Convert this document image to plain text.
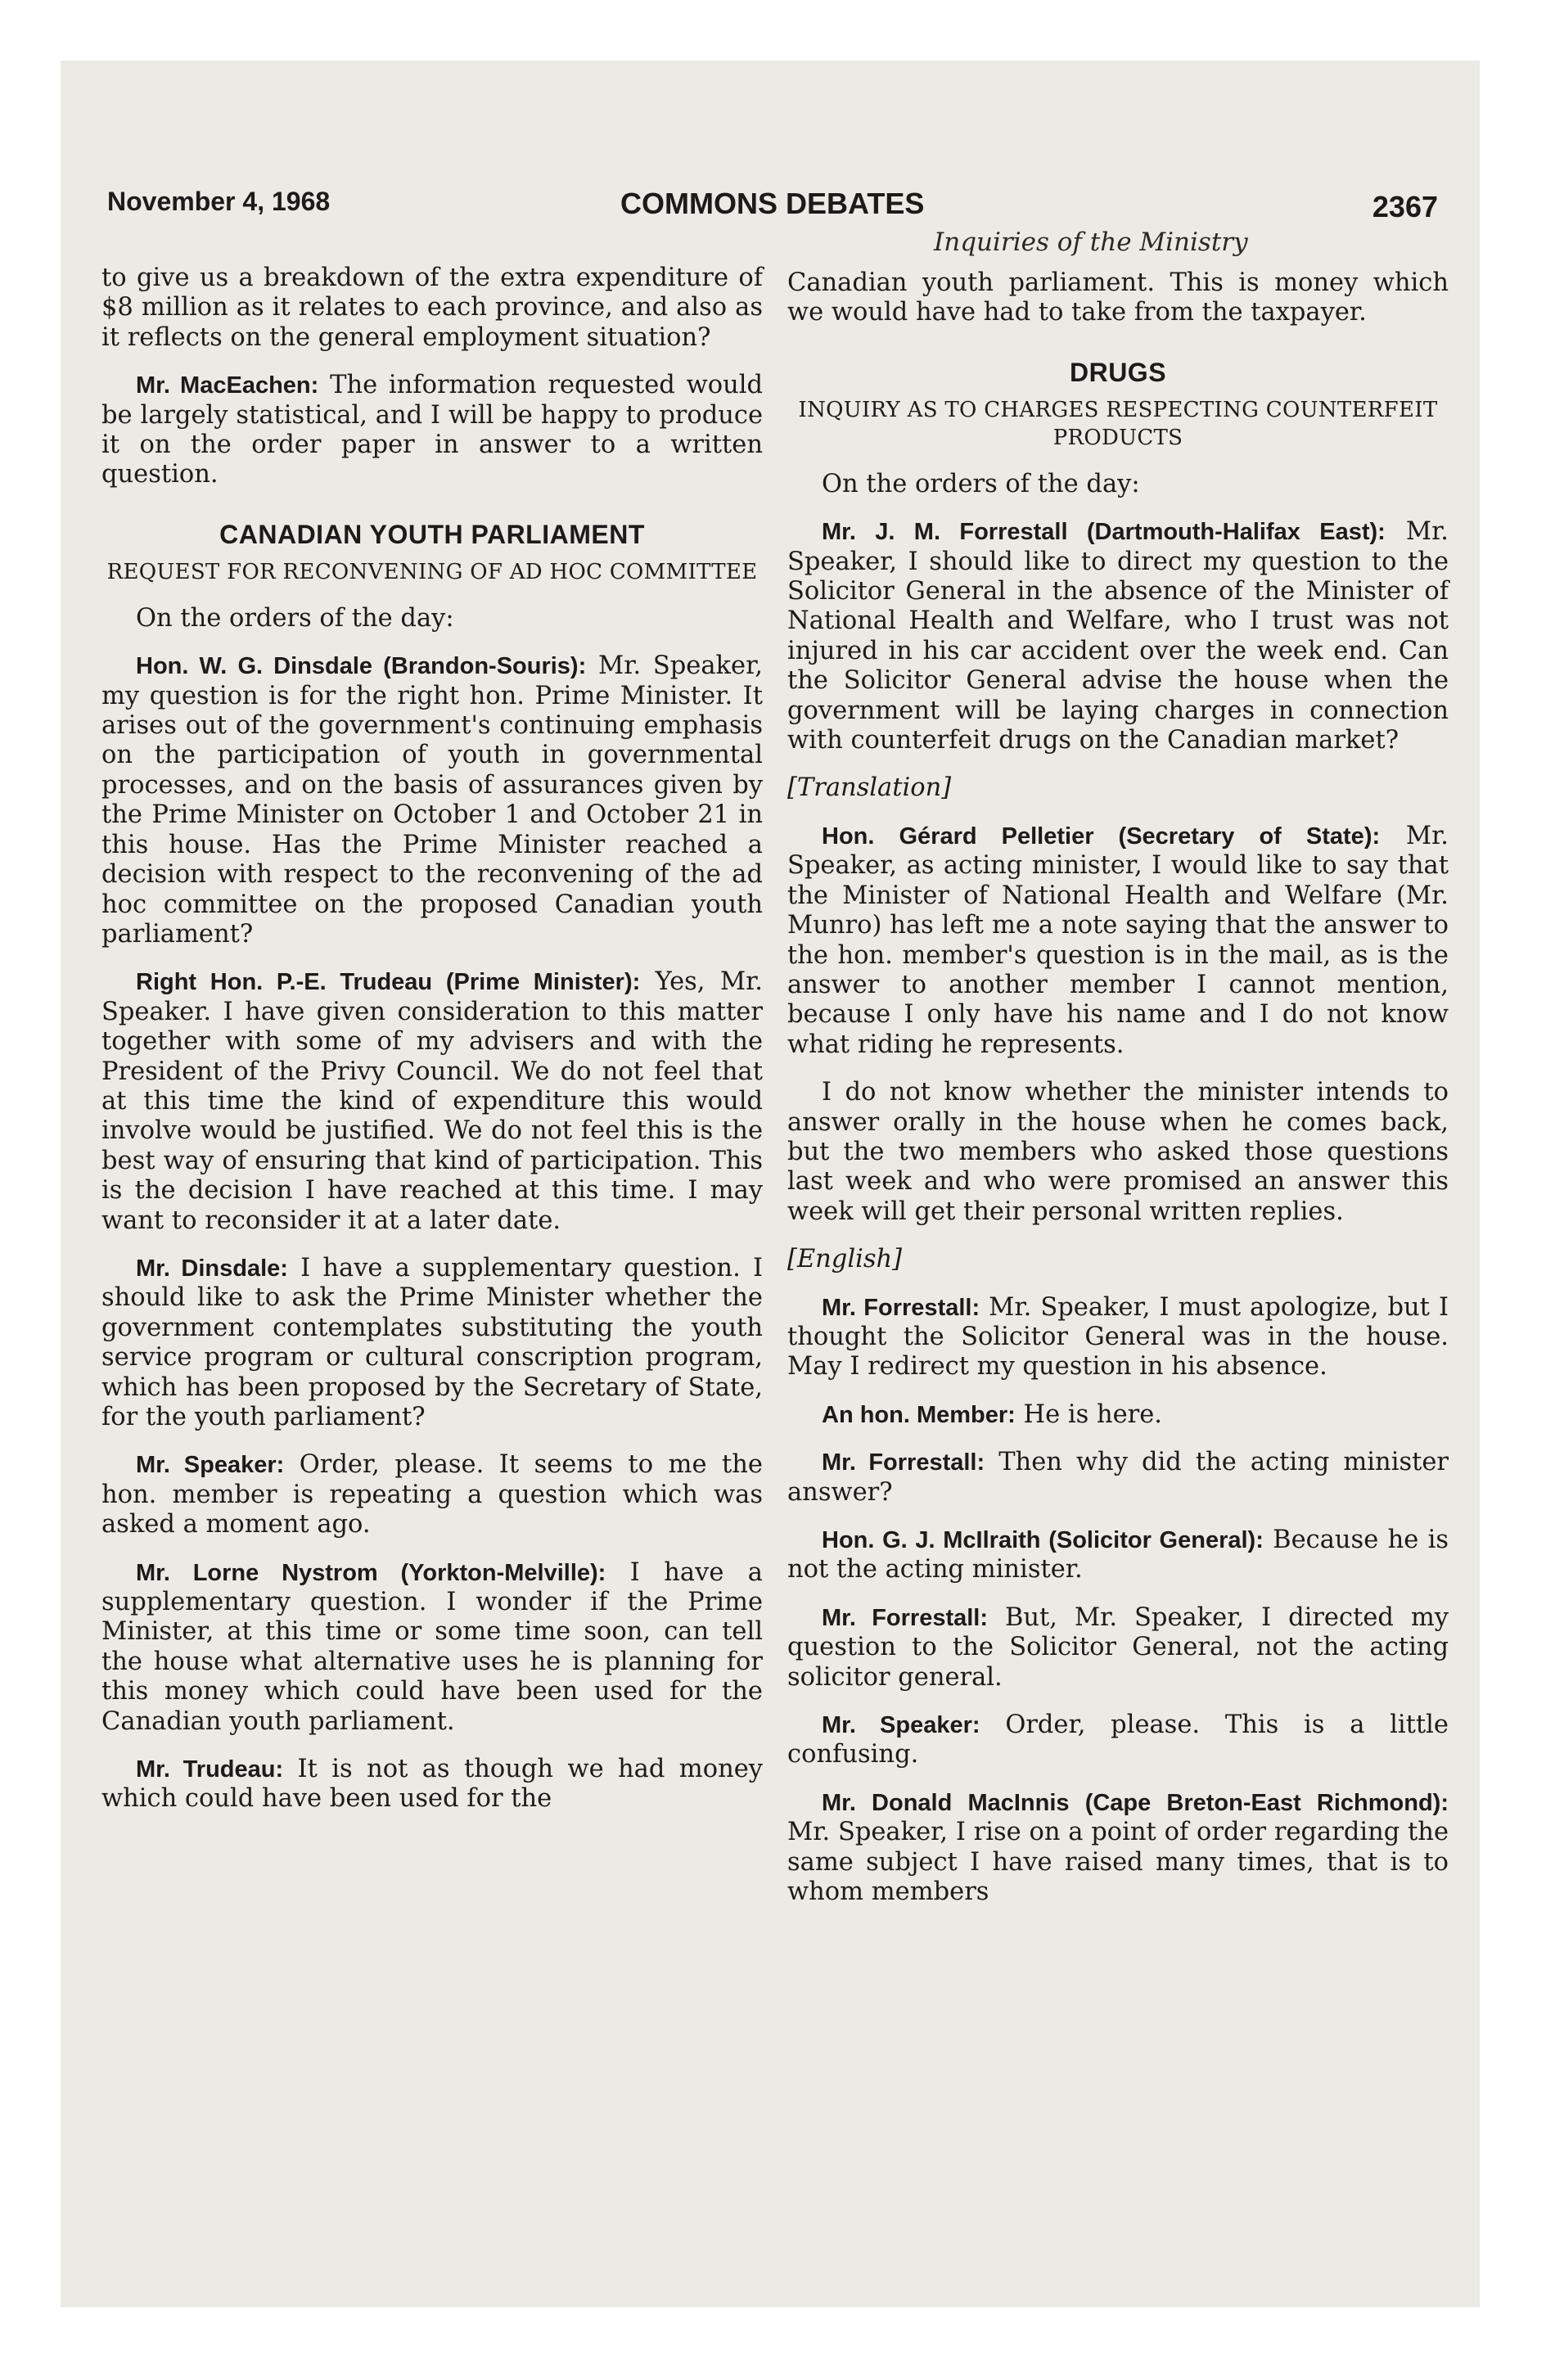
November 4, 1968	COMMONS DEBATES	2367
Inquiries of the Ministry

to give us a breakdown of the extra expenditure of $8 million as it relates to each province, and also as it reflects on the general employment situation?

Mr. MacEachen: The information requested would be largely statistical, and I will be happy to produce it on the order paper in answer to a written question.

CANADIAN YOUTH PARLIAMENT
REQUEST FOR RECONVENING OF AD HOC COMMITTEE

On the orders of the day:

Hon. W. G. Dinsdale (Brandon-Souris): Mr. Speaker, my question is for the right hon. Prime Minister. It arises out of the government's continuing emphasis on the participation of youth in governmental processes, and on the basis of assurances given by the Prime Minister on October 1 and October 21 in this house. Has the Prime Minister reached a decision with respect to the reconvening of the ad hoc committee on the proposed Canadian youth parliament?

Right Hon. P.-E. Trudeau (Prime Minister): Yes, Mr. Speaker. I have given consideration to this matter together with some of my advisers and with the President of the Privy Council. We do not feel that at this time the kind of expenditure this would involve would be justified. We do not feel this is the best way of ensuring that kind of participation. This is the decision I have reached at this time. I may want to reconsider it at a later date.

Mr. Dinsdale: I have a supplementary question. I should like to ask the Prime Minister whether the government contemplates substituting the youth service program or cultural conscription program, which has been proposed by the Secretary of State, for the youth parliament?

Mr. Speaker: Order, please. It seems to me the hon. member is repeating a question which was asked a moment ago.

Mr. Lorne Nystrom (Yorkton-Melville): I have a supplementary question. I wonder if the Prime Minister, at this time or some time soon, can tell the house what alternative uses he is planning for this money which could have been used for the Canadian youth parliament.

Mr. Trudeau: It is not as though we had money which could have been used for the

Canadian youth parliament. This is money which we would have had to take from the taxpayer.

DRUGS
INQUIRY AS TO CHARGES RESPECTING COUNTERFEIT PRODUCTS

On the orders of the day:

Mr. J. M. Forrestall (Dartmouth-Halifax East): Mr. Speaker, I should like to direct my question to the Solicitor General in the absence of the Minister of National Health and Welfare, who I trust was not injured in his car accident over the week end. Can the Solicitor General advise the house when the government will be laying charges in connection with counterfeit drugs on the Canadian market?

[Translation]

Hon. Gérard Pelletier (Secretary of State): Mr. Speaker, as acting minister, I would like to say that the Minister of National Health and Welfare (Mr. Munro) has left me a note saying that the answer to the hon. member's question is in the mail, as is the answer to another member I cannot mention, because I only have his name and I do not know what riding he represents.

I do not know whether the minister intends to answer orally in the house when he comes back, but the two members who asked those questions last week and who were promised an answer this week will get their personal written replies.

[English]

Mr. Forrestall: Mr. Speaker, I must apologize, but I thought the Solicitor General was in the house. May I redirect my question in his absence.

An hon. Member: He is here.

Mr. Forrestall: Then why did the acting minister answer?

Hon. G. J. McIlraith (Solicitor General): Because he is not the acting minister.

Mr. Forrestall: But, Mr. Speaker, I directed my question to the Solicitor General, not the acting solicitor general.

Mr. Speaker: Order, please. This is a little confusing.

Mr. Donald MacInnis (Cape Breton-East Richmond): Mr. Speaker, I rise on a point of order regarding the same subject I have raised many times, that is to whom members
